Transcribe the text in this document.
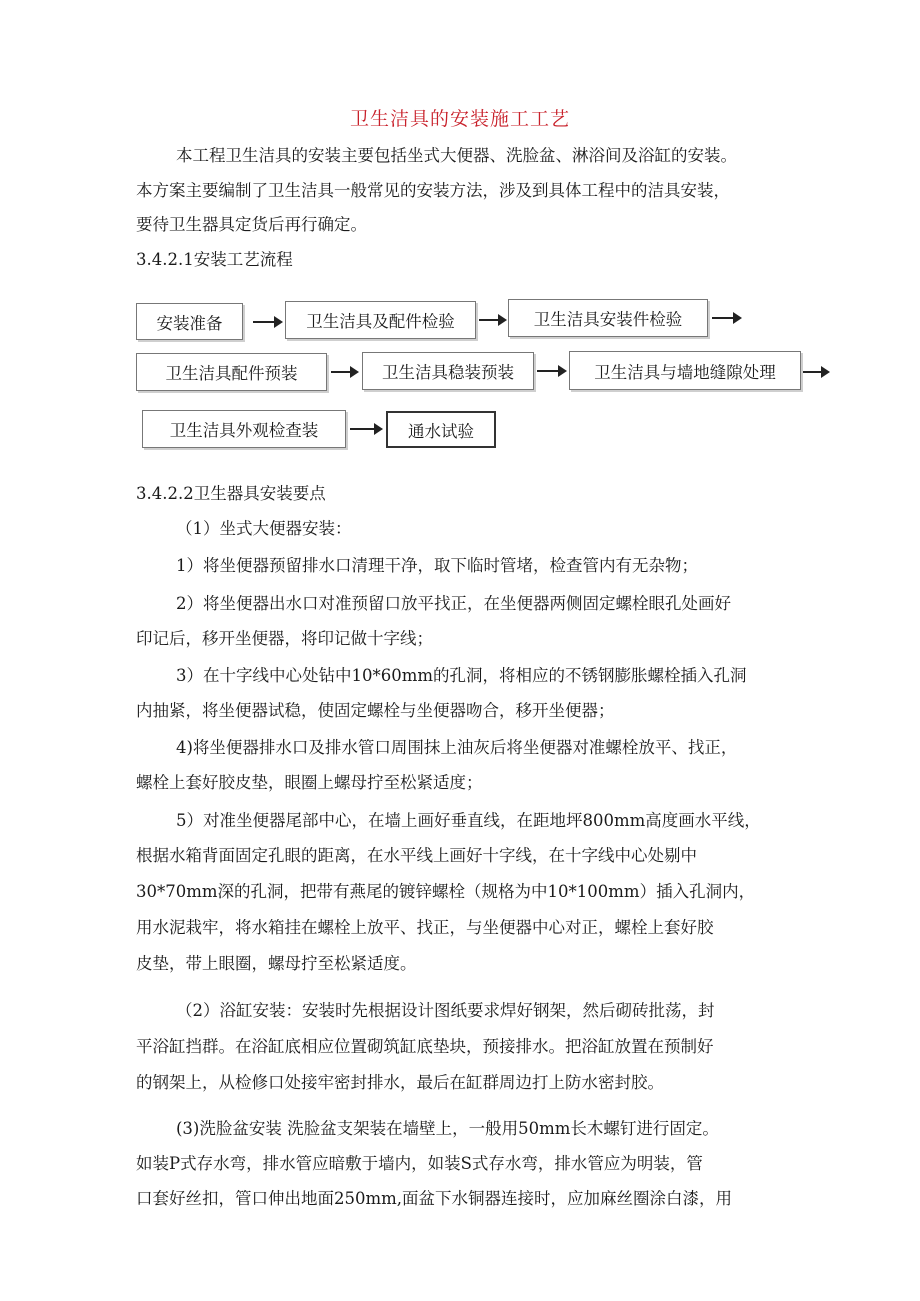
卫生洁具的安装施工工艺

本工程卫生洁具的安装主要包括坐式大便器、洗脸盆、淋浴间及浴缸的安装。

本方案主要编制了卫生洁具一般常见的安装方法，涉及到具体工程中的洁具安装，

要待卫生器具定货后再行确定。

3.4.2.1安装工艺流程

安装准备	卫生洁具及配件检验	卫生洁具安装件检验
卫生洁具配件预装	卫生洁具稳装预装	卫生洁具与墙地缝隙处理
卫生洁具外观检查装	通水试验

3.4.2.2卫生器具安装要点

（1）坐式大便器安装：

1）将坐便器预留排水口清理干净，取下临时管堵，检查管内有无杂物；

2）将坐便器出水口对准预留口放平找正，在坐便器两侧固定螺栓眼孔处画好

印记后，移开坐便器，将印记做十字线；

3）在十字线中心处钻中10*60mm的孔洞，将相应的不锈钢膨胀螺栓插入孔洞

内抽紧，将坐便器试稳，使固定螺栓与坐便器吻合，移开坐便器；

4)将坐便器排水口及排水管口周围抹上油灰后将坐便器对准螺栓放平、找正，

螺栓上套好胶皮垫，眼圈上螺母拧至松紧适度；

5）对准坐便器尾部中心，在墙上画好垂直线，在距地坪800mm高度画水平线，

根据水箱背面固定孔眼的距离，在水平线上画好十字线，在十字线中心处剔中

30*70mm深的孔洞，把带有燕尾的镀锌螺栓（规格为中10*100mm）插入孔洞内，

用水泥栽牢，将水箱挂在螺栓上放平、找正，与坐便器中心对正，螺栓上套好胶

皮垫，带上眼圈，螺母拧至松紧适度。

（2）浴缸安装：安装时先根据设计图纸要求焊好钢架，然后砌砖批荡，封

平浴缸挡群。在浴缸底相应位置砌筑缸底垫块，预接排水。把浴缸放置在预制好

的钢架上，从检修口处接牢密封排水，最后在缸群周边打上防水密封胶。

(3)洗脸盆安装 洗脸盆支架装在墙壁上，一般用50mm长木螺钉进行固定。

如装P式存水弯，排水管应暗敷于墙内，如装S式存水弯，排水管应为明装，管

口套好丝扣，管口伸出地面250mm,面盆下水铜器连接时，应加麻丝圈涂白漆，用
